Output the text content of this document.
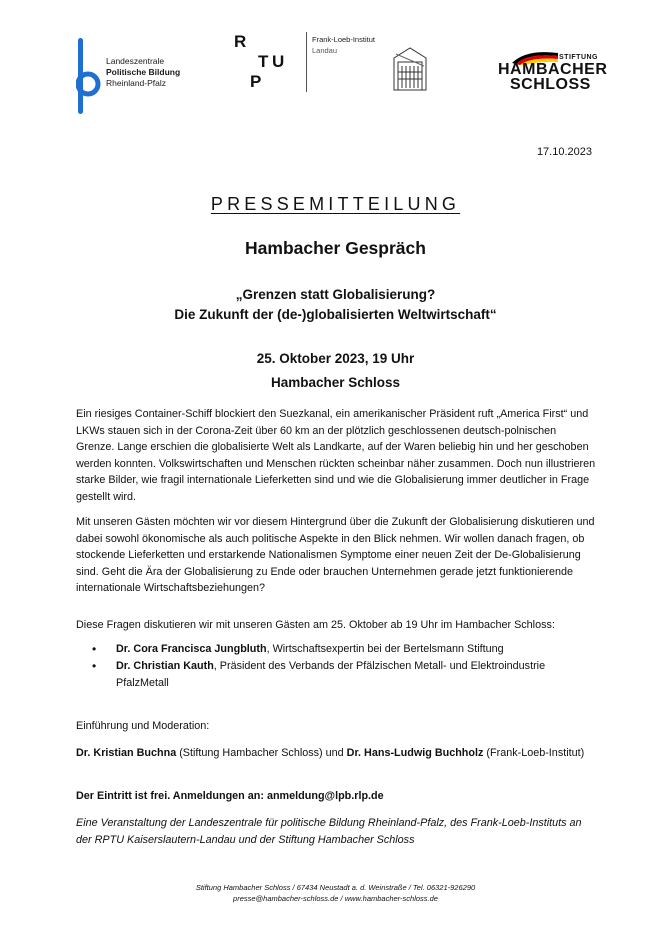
Landeszentrale
Politische Bildung
Rheinland-Pfalz
R
P
T U
Frank-Loeb-Institut
Landau
STIFTUNG
HAMBACHER
SCHLOSS
17.10.2023
PRESSEMITTEILUNG
Hambacher Gespräch
„Grenzen statt Globalisierung?
Die Zukunft der (de-)globalisierten Weltwirtschaft“
25. Oktober 2023, 19 Uhr
Hambacher Schloss
Ein riesiges Container-Schiff blockiert den Suezkanal, ein amerikanischer Präsident ruft „America First“ und LKWs stauen sich in der Corona-Zeit über 60 km an der plötzlich geschlossenen deutsch-polnischen Grenze. Lange erschien die globalisierte Welt als Landkarte, auf der Waren beliebig hin und her geschoben werden konnten. Volkswirtschaften und Menschen rückten scheinbar näher zusammen. Doch nun illustrieren starke Bilder, wie fragil internationale Lieferketten sind und wie die Globalisierung immer deutlicher in Frage gestellt wird.
Mit unseren Gästen möchten wir vor diesem Hintergrund über die Zukunft der Globalisierung diskutieren und dabei sowohl ökonomische als auch politische Aspekte in den Blick nehmen. Wir wollen danach fragen, ob stockende Lieferketten und erstarkende Nationalismen Symptome einer neuen Zeit der De-Globalisierung sind. Geht die Ära der Globalisierung zu Ende oder brauchen Unternehmen gerade jetzt funktionierende internationale Wirtschaftsbeziehungen?
Diese Fragen diskutieren wir mit unseren Gästen am 25. Oktober ab 19 Uhr im Hambacher Schloss:
• Dr. Cora Francisca Jungbluth, Wirtschaftsexpertin bei der Bertelsmann Stiftung
• Dr. Christian Kauth, Präsident des Verbands der Pfälzischen Metall- und Elektroindustrie PfalzMetall
Einführung und Moderation:
Dr. Kristian Buchna (Stiftung Hambacher Schloss) und Dr. Hans-Ludwig Buchholz (Frank-Loeb-Institut)
Der Eintritt ist frei. Anmeldungen an: anmeldung@lpb.rlp.de
Eine Veranstaltung der Landeszentrale für politische Bildung Rheinland-Pfalz, des Frank-Loeb-Instituts an der RPTU Kaiserslautern-Landau und der Stiftung Hambacher Schloss
Stiftung Hambacher Schloss / 67434 Neustadt a. d. Weinstraße / Tel. 06321-926290
presse@hambacher-schloss.de / www.hambacher-schloss.de
